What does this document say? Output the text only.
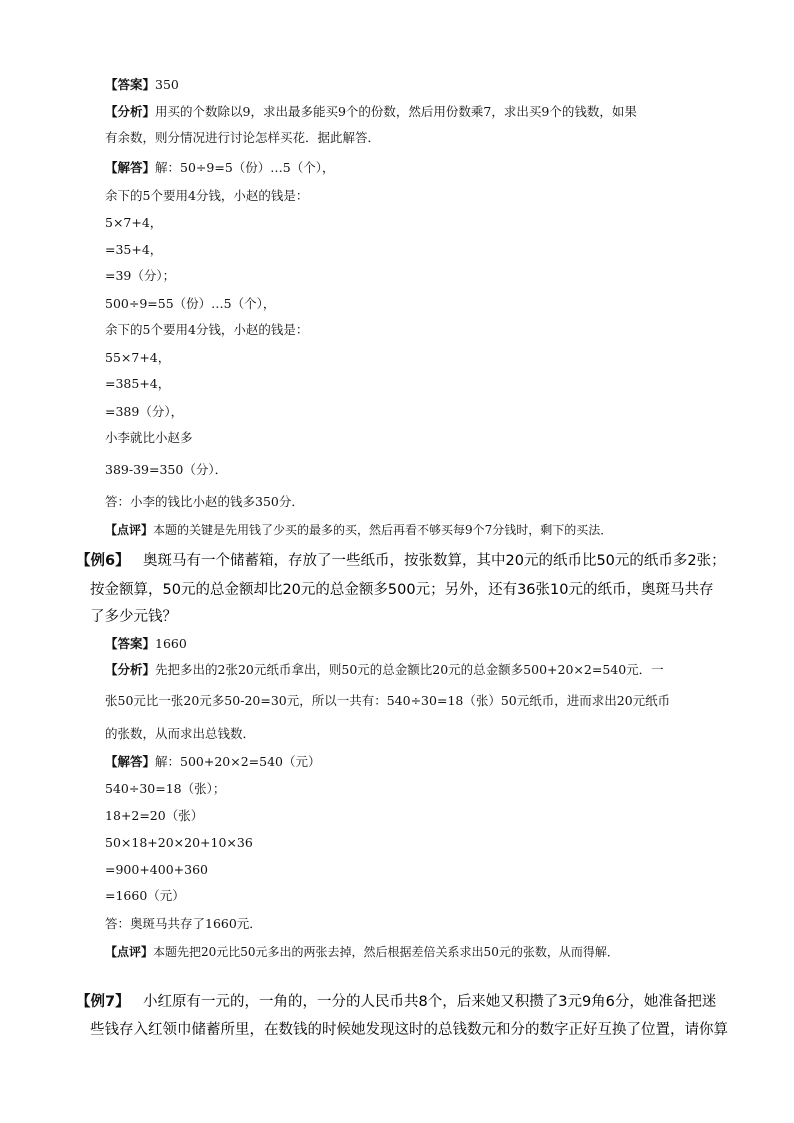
【答案】350
【分析】用买的个数除以9，求出最多能买9个的份数，然后用份数乘7，求出买9个的钱数，如果
有余数，则分情况进行讨论怎样买花．据此解答．
【解答】解：50÷9=5（份）…5（个），
余下的5个要用4分钱，小赵的钱是：
5×7+4，
=35+4，
=39（分）；
500÷9=55（份）…5（个），
余下的5个要用4分钱，小赵的钱是：
55×7+4，
=385+4，
=389（分），
小李就比小赵多
389-39=350（分）．
答：小李的钱比小赵的钱多350分．
【点评】本题的关键是先用钱了少买的最多的买，然后再看不够买每9个7分钱时，剩下的买法．
【例6】 奥斑马有一个储蓄箱，存放了一些纸币，按张数算，其中20元的纸币比50元的纸币多2张；
按金额算，50元的总金额却比20元的总金额多500元；另外，还有36张10元的纸币，奥斑马共存
了多少元钱？
【答案】1660
【分析】先把多出的2张20元纸币拿出，则50元的总金额比20元的总金额多500+20×2=540元．一
张50元比一张20元多50-20=30元，所以一共有：540÷30=18（张）50元纸币，进而求出20元纸币
的张数，从而求出总钱数．
【解答】解：500+20×2=540（元）
540÷30=18（张）；
18+2=20（张）
50×18+20×20+10×36
=900+400+360
=1660（元）
答：奥斑马共存了1660元．
【点评】本题先把20元比50元多出的两张去掉，然后根据差倍关系求出50元的张数，从而得解．
【例7】 小红原有一元的，一角的，一分的人民币共8个，后来她又积攒了3元9角6分，她准备把迷
些钱存入红领巾储蓄所里，在数钱的时候她发现这时的总钱数元和分的数字正好互换了位置，请你算
